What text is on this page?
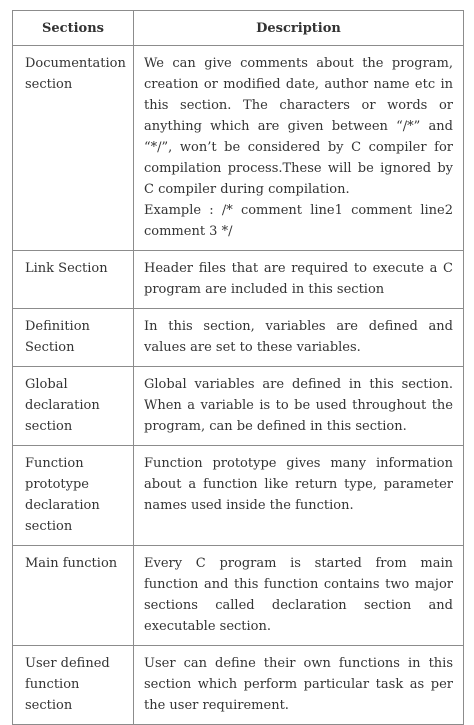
Sections	Description
Documentation section	We can give comments about the program, creation or modified date, author name etc in this section. The characters or words or anything which are given between “/*” and “*/”, won’t be considered by C compiler for compilation process.These will be ignored by C compiler during compilation.
Example : /* comment line1 comment line2 comment 3 */

Link Section	Header files that are required to execute a C program are included in this section
Definition Section	In this section, variables are defined and values are set to these variables.
Global declaration section	Global variables are defined in this section. When a variable is to be used throughout the program, can be defined in this section.
Function prototype declaration section	Function prototype gives many information about a function like return type, parameter names used inside the function.
Main function	Every C program is started from main function and this function contains two major sections called declaration section and executable section.
User defined function section	User can define their own functions in this section which perform particular task as per the user requirement.
